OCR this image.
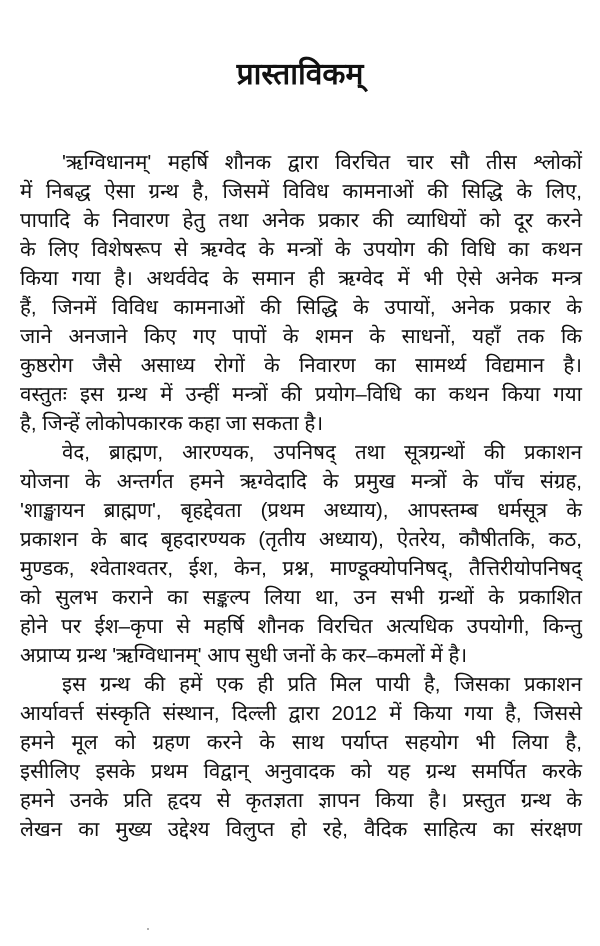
प्रास्ताविकम्
'ऋग्विधानम्' महर्षि शौनक द्वारा विरचित चार सौ तीस श्लोकों
में निबद्ध ऐसा ग्रन्थ है, जिसमें विविध कामनाओं की सिद्धि के लिए,
पापादि के निवारण हेतु तथा अनेक प्रकार की व्याधियों को दूर करने
के लिए विशेषरूप से ऋग्वेद के मन्त्रों के उपयोग की विधि का कथन
किया गया है। अथर्ववेद के समान ही ऋग्वेद में भी ऐसे अनेक मन्त्र
हैं, जिनमें विविध कामनाओं की सिद्धि के उपायों, अनेक प्रकार के
जाने अनजाने किए गए पापों के शमन के साधनों, यहाँ तक कि
कुष्ठरोग जैसे असाध्य रोगों के निवारण का सामर्थ्य विद्यमान है।
वस्तुतः इस ग्रन्थ में उन्हीं मन्त्रों की प्रयोग–विधि का कथन किया गया
है, जिन्हें लोकोपकारक कहा जा सकता है।
वेद, ब्राह्मण, आरण्यक, उपनिषद् तथा सूत्रग्रन्थों की प्रकाशन
योजना के अन्तर्गत हमने ऋग्वेदादि के प्रमुख मन्त्रों के पाँच संग्रह,
'शाङ्खायन ब्राह्मण', बृहद्देवता (प्रथम अध्याय), आपस्तम्ब धर्मसूत्र के
प्रकाशन के बाद बृहदारण्यक (तृतीय अध्याय), ऐतरेय, कौषीतकि, कठ,
मुण्डक, श्वेताश्वतर, ईश, केन, प्रश्न, माण्डूक्योपनिषद्, तैत्तिरीयोपनिषद्
को सुलभ कराने का सङ्कल्प लिया था, उन सभी ग्रन्थों के प्रकाशित
होने पर ईश–कृपा से महर्षि शौनक विरचित अत्यधिक उपयोगी, किन्तु
अप्राप्य ग्रन्थ 'ऋग्विधानम्' आप सुधी जनों के कर–कमलों में है।
इस ग्रन्थ की हमें एक ही प्रति मिल पायी है, जिसका प्रकाशन
आर्यावर्त्त संस्कृति संस्थान, दिल्ली द्वारा 2012 में किया गया है, जिससे
हमने मूल को ग्रहण करने के साथ पर्याप्त सहयोग भी लिया है,
इसीलिए इसके प्रथम विद्वान् अनुवादक को यह ग्रन्थ समर्पित करके
हमने उनके प्रति हृदय से कृतज्ञता ज्ञापन किया है। प्रस्तुत ग्रन्थ के
लेखन का मुख्य उद्देश्य विलुप्त हो रहे, वैदिक साहित्य का संरक्षण
